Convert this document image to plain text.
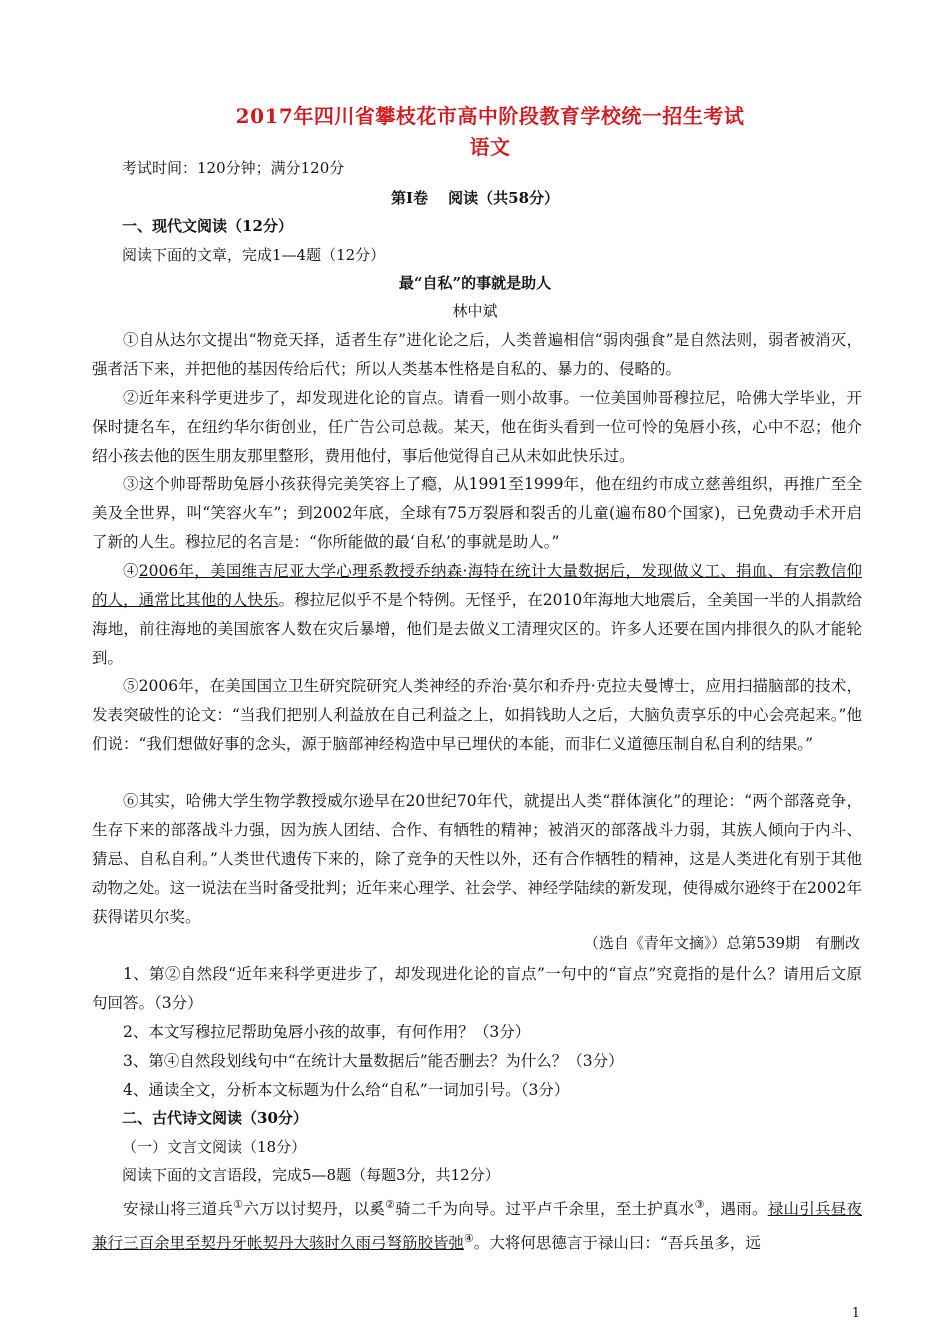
2017年四川省攀枝花市高中阶段教育学校统一招生考试
语文
考试时间：120分钟；满分120分
第Ⅰ卷　 阅读（共58分）
一、现代文阅读（12分）
阅读下面的文章，完成1—4题（12分）
最“自私”的事就是助人
林中斌
①自从达尔文提出“物竞天择，适者生存”进化论之后，人类普遍相信“弱肉强食”是自然法则，弱者被消灭，强者活下来，并把他的基因传给后代；所以人类基本性格是自私的、暴力的、侵略的。
②近年来科学更进步了，却发现进化论的盲点。请看一则小故事。一位美国帅哥穆拉尼，哈佛大学毕业，开保时捷名车，在纽约华尔街创业，任广告公司总裁。某天，他在街头看到一位可怜的兔唇小孩，心中不忍；他介绍小孩去他的医生朋友那里整形，费用他付，事后他觉得自己从未如此快乐过。
③这个帅哥帮助兔唇小孩获得完美笑容上了瘾，从1991至1999年，他在纽约市成立慈善组织，再推广至全美及全世界，叫“笑容火车”；到2002年底，全球有75万裂唇和裂舌的儿童(遍布80个国家)，已免费动手术开启了新的人生。穆拉尼的名言是：“你所能做的最‘自私’的事就是助人。”
④2006年，美国维吉尼亚大学心理系教授乔纳森·海特在统计大量数据后，发现做义工、捐血、有宗教信仰的人，通常比其他的人快乐。穆拉尼似乎不是个特例。无怪乎，在2010年海地大地震后，全美国一半的人捐款给海地，前往海地的美国旅客人数在灾后暴增，他们是去做义工清理灾区的。许多人还要在国内排很久的队才能轮到。
⑤2006年，在美国国立卫生研究院研究人类神经的乔治·莫尔和乔丹·克拉夫曼博士，应用扫描脑部的技术，发表突破性的论文：“当我们把别人利益放在自己利益之上，如捐钱助人之后，大脑负责享乐的中心会亮起来。”他们说：“我们想做好事的念头，源于脑部神经构造中早已埋伏的本能，而非仁义道德压制自私自利的结果。”
⑥其实，哈佛大学生物学教授威尔逊早在20世纪70年代，就提出人类“群体演化”的理论：“两个部落竞争，生存下来的部落战斗力强，因为族人团结、合作、有牺牲的精神；被消灭的部落战斗力弱，其族人倾向于内斗、猜忌、自私自利。”人类世代遗传下来的，除了竞争的天性以外，还有合作牺牲的精神，这是人类进化有别于其他动物之处。这一说法在当时备受批判；近年来心理学、社会学、神经学陆续的新发现，使得威尔逊终于在2002年获得诺贝尔奖。
（选自《青年文摘》）总第539期　有删改
1、第②自然段“近年来科学更进步了，却发现进化论的盲点”一句中的“盲点”究竟指的是什么？请用后文原句回答。（3分）
2、本文写穆拉尼帮助兔唇小孩的故事，有何作用？（3分）
3、第④自然段划线句中“在统计大量数据后”能否删去？为什么？（3分）
4、通读全文，分析本文标题为什么给“自私”一词加引号。（3分）
二、古代诗文阅读（30分）
（一）文言文阅读（18分）
阅读下面的文言语段，完成5—8题（每题3分，共12分）
安禄山将三道兵①六万以讨契丹，以奚②骑二千为向导。过平卢千余里，至土护真水③，遇雨。禄山引兵昼夜兼行三百余里至契丹牙帐契丹大骇时久雨弓弩筋胶皆弛④。大将何思德言于禄山曰：“吾兵虽多，远
1
